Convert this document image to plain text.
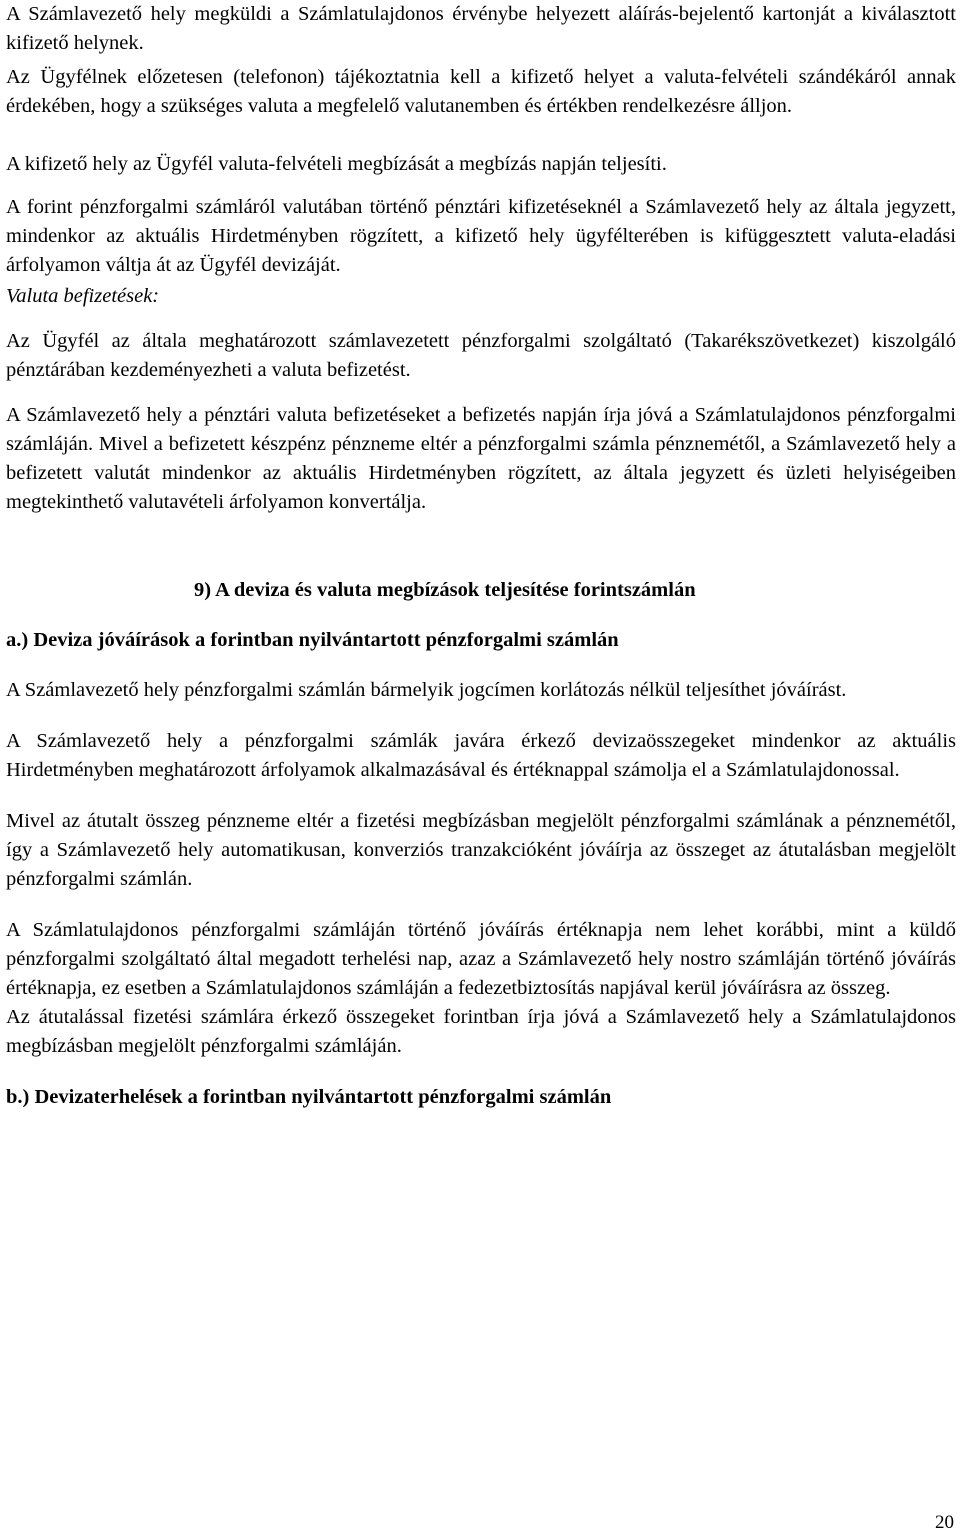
A Számlavezető hely megküldi a Számlatulajdonos érvénybe helyezett aláírás-bejelentő kartonját a kiválasztott kifizető helynek.

Az Ügyfélnek előzetesen (telefonon) tájékoztatnia kell a kifizető helyet a valuta-felvételi szándékáról annak érdekében, hogy a szükséges valuta a megfelelő valutanemben és értékben rendelkezésre álljon.

A kifizető hely az Ügyfél valuta-felvételi megbízását a megbízás napján teljesíti.

A forint pénzforgalmi számláról valutában történő pénztári kifizetéseknél a Számlavezető hely az általa jegyzett, mindenkor az aktuális Hirdetményben rögzített, a kifizető hely ügyfélterében is kifüggesztett valuta-eladási árfolyamon váltja át az Ügyfél devizáját.

Valuta befizetések:

Az Ügyfél az általa meghatározott számlavezetett pénzforgalmi szolgáltató (Takarékszövetkezet) kiszolgáló pénztárában kezdeményezheti a valuta befizetést.

A Számlavezető hely a pénztári valuta befizetéseket a befizetés napján írja jóvá a Számlatulajdonos pénzforgalmi számláján. Mivel a befizetett készpénz pénzneme eltér a pénzforgalmi számla pénznemétől, a Számlavezető hely a befizetett valutát mindenkor az aktuális Hirdetményben rögzített, az általa jegyzett és üzleti helyiségeiben megtekinthető valutavételi árfolyamon konvertálja.

9) A deviza és valuta megbízások teljesítése forintszámlán

a.) Deviza jóváírások a forintban nyilvántartott pénzforgalmi számlán

A Számlavezető hely pénzforgalmi számlán bármelyik jogcímen korlátozás nélkül teljesíthet jóváírást.

A Számlavezető hely a pénzforgalmi számlák javára érkező devizaösszegeket mindenkor az aktuális Hirdetményben meghatározott árfolyamok alkalmazásával és értéknappal számolja el a Számlatulajdonossal.

Mivel az átutalt összeg pénzneme eltér a fizetési megbízásban megjelölt pénzforgalmi számlának a pénznemétől, így a Számlavezető hely automatikusan, konverziós tranzakcióként jóváírja az összeget az átutalásban megjelölt pénzforgalmi számlán.

A Számlatulajdonos pénzforgalmi számláján történő jóváírás értéknapja nem lehet korábbi, mint a küldő pénzforgalmi szolgáltató által megadott terhelési nap, azaz a Számlavezető hely nostro számláján történő jóváírás értéknapja, ez esetben a Számlatulajdonos számláján a fedezetbiztosítás napjával kerül jóváírásra az összeg.

Az átutalással fizetési számlára érkező összegeket forintban írja jóvá a Számlavezető hely a Számlatulajdonos megbízásban megjelölt pénzforgalmi számláján.

b.) Devizaterhelések a forintban nyilvántartott pénzforgalmi számlán

20
